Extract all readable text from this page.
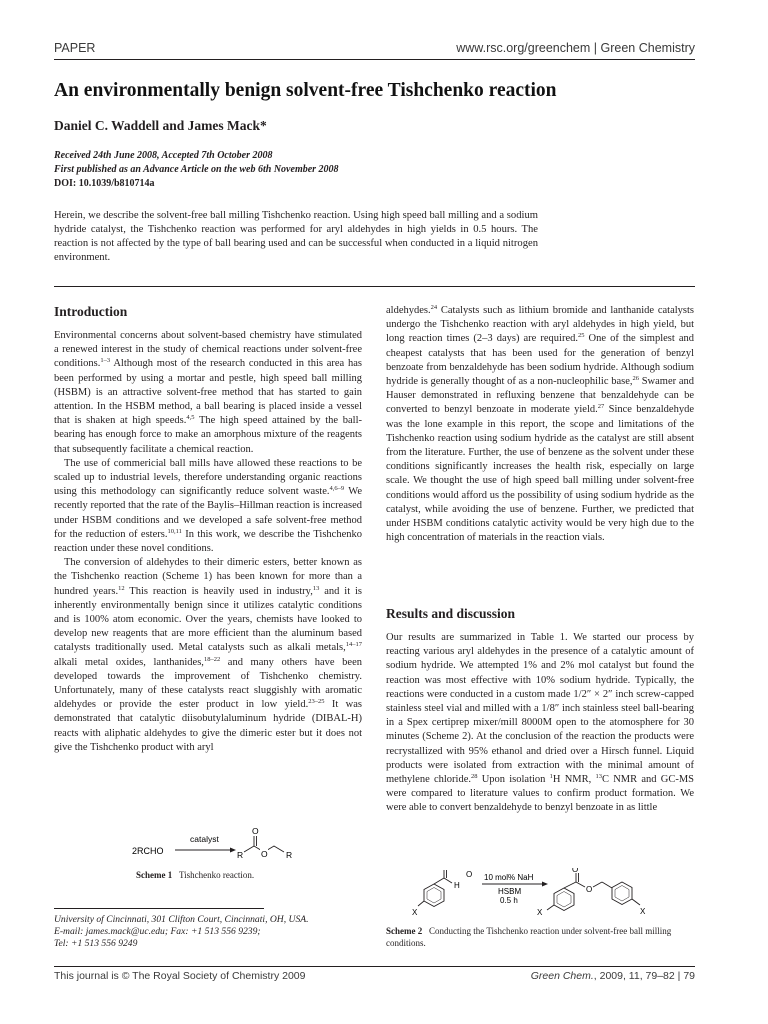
PAPER	www.rsc.org/greenchem | Green Chemistry
An environmentally benign solvent-free Tishchenko reaction
Daniel C. Waddell and James Mack*
Received 24th June 2008, Accepted 7th October 2008
First published as an Advance Article on the web 6th November 2008
DOI: 10.1039/b810714a

Herein, we describe the solvent-free ball milling Tishchenko reaction. Using high speed ball milling and a sodium hydride catalyst, the Tishchenko reaction was performed for aryl aldehydes in high yields in 0.5 hours. The reaction is not affected by the type of ball bearing used and can be successful when conducted in a liquid nitrogen environment.

Introduction

Environmental concerns about solvent-based chemistry have stimulated a renewed interest in the study of chemical reactions under solvent-free conditions.$^{1-3}$ Although most of the research conducted in this area has been performed by using a mortar and pestle, high speed ball milling (HSBM) is an attractive solvent-free method that has started to gain attention. In the HSBM method, a ball bearing is placed inside a vessel that is shaken at high speeds.$^{4,5}$ The high speed attained by the ball-bearing has enough force to make an amorphous mixture of the reagents that subsequently facilitate a chemical reaction.

The use of commericial ball mills have allowed these reactions to be scaled up to industrial levels, therefore understanding organic reactions using this methodology can significantly reduce solvent waste.$^{4,6-9}$ We recently reported that the rate of the Baylis–Hillman reaction is increased under HSBM conditions and we developed a safe solvent-free method for the reduction of esters.$^{10,11}$ In this work, we describe the Tishchenko reaction under these novel conditions.

The conversion of aldehydes to their dimeric esters, better known as the Tishchenko reaction (Scheme 1) has been known for more than a hundred years.$^{12}$ This reaction is heavily used in industry,$^{13}$ and it is inherently environmentally benign since it utilizes catalytic conditions and is 100% atom economic. Over the years, chemists have looked to develop new reagents that are more efficient than the aluminum based catalysts traditionally used. Metal catalysts such as alkali metals,$^{14-17}$ alkali metal oxides, lanthanides,$^{18-22}$ and many others have been developed towards the improvement of Tishchenko chemistry. Unfortunately, many of these catalysts react sluggishly with aromatic aldehydes or provide the ester product in low yield.$^{23-25}$ It was demonstrated that catalytic diisobutylaluminum hydride (DIBAL-H) reacts with aliphatic aldehydes to give the dimeric ester but it does not give the Tishchenko product with aryl

2RCHO
catalyst
R
O
O R
Scheme 1 Tishchenko reaction.
University of Cincinnati, 301 Clifton Court, Cincinnati, OH, USA.
E-mail: james.mack@uc.edu; Fax: +1 513 556 9239;
Tel: +1 513 556 9249

aldehydes.$^{24}$ Catalysts such as lithium bromide and lanthanide catalysts undergo the Tishchenko reaction with aryl aldehydes in high yield, but long reaction times (2–3 days) are required.$^{25}$ One of the simplest and cheapest catalysts that has been used for the generation of benzyl benzoate from benzaldehyde has been sodium hydride. Although sodium hydride is generally thought of as a non-nucleophilic base,$^{26}$ Swamer and Hauser demonstrated in refluxing benzene that benzaldehyde can be converted to benzyl benzoate in moderate yield.$^{27}$ Since benzaldehyde was the lone example in this report, the scope and limitations of the Tishchenko reaction using sodium hydride as the catalyst are still absent from the literature. Further, the use of benzene as the solvent under these conditions significantly increases the health risk, especially on large scale. We thought the use of high speed ball milling under solvent-free conditions would afford us the possibility of using sodium hydride as the catalyst, while avoiding the use of benzene. Further, we predicted that under HSBM conditions catalytic activity would be very high due to the high concentration of materials in the reaction vials.

Results and discussion

Our results are summarized in Table 1. We started our process by reacting various aryl aldehydes in the presence of a catalytic amount of sodium hydride. We attempted 1% and 2% mol catalyst but found the reaction was most effective with 10% sodium hydride. Typically, the reactions were conducted in a custom made 1/2″ × 2″ inch screw-capped stainless steel vial and milled with a 1/8″ inch stainless steel ball-bearing in a Spex certiprep mixer/mill 8000M open to the atomosphere for 30 minutes (Scheme 2). At the conclusion of the reaction the products were recrystallized with 95% ethanol and dried over a Hirsch funnel. Liquid products were isolated from extraction with the minimal amount of methylene chloride.$^{28}$ Upon isolation $^1$H NMR, $^{13}$C NMR and GC-MS were compared to literature values to confirm product formation. We were able to convert benzaldehyde to benzyl benzoate in as little

O
H
X
10 mol% NaH
HSBM
0.5 h
X
O
O
X
Scheme 2 Conducting the Tishchenko reaction under solvent-free ball milling conditions.
This journal is © The Royal Society of Chemistry 2009	Green Chem., 2009, 11, 79–82 | 79
